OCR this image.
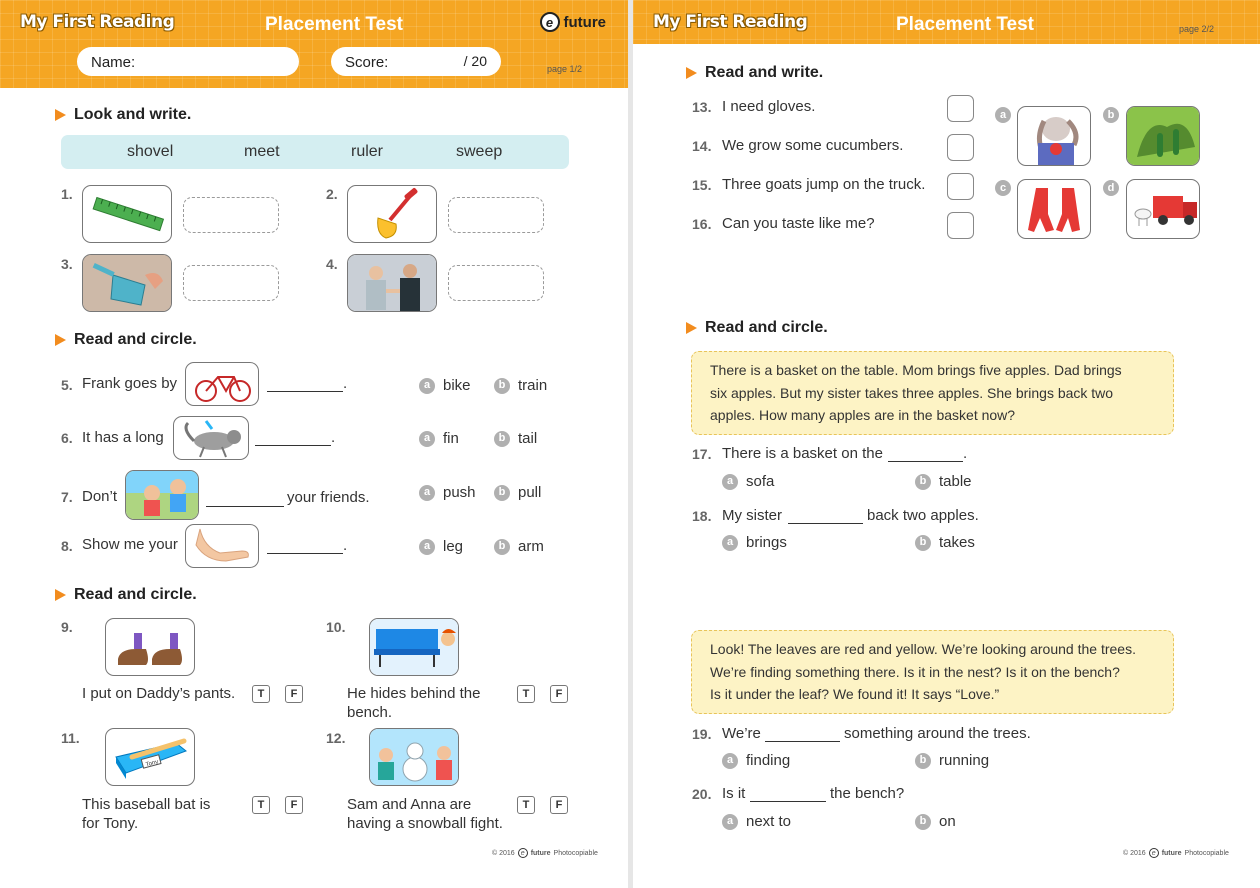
My First Reading	Placement Test	e future
Name:	Score:	/ 20	page 1/2
Look and write.
shovel	meet	ruler	sweep
1.	2.
3.	4.
Read and circle.
5. Frank goes by	.	a bike	b train
6. It has a long	.	a fin	b tail
7. Don’t	your friends.	a push	b pull
8. Show me your	.	a leg	b arm
Read and circle.
9.
I put on Daddy’s pants.	T	F
10.
He hides behind the
bench.
T	F
11.
Tony
This baseball bat is
for Tony.
T	F
12.
Sam and Anna are
having a snowball fight.
T	F
© 2016 e future Photocopiable
My First Reading	Placement Test	page 2/2
Read and write.
13. I need gloves.
14. We grow some cucumbers.
15. Three goats jump on the truck.
16. Can you taste like me?
a	b
c	d
Read and circle.
There is a basket on the table. Mom brings five apples. Dad brings
six apples. But my sister takes three apples. She brings back two
apples. How many apples are in the basket now?
17. There is a basket on the	.
a sofa	b table
18. My sister	back two apples.
a brings	b takes
Look! The leaves are red and yellow. We’re looking around the trees.
We’re finding something there. Is it in the nest? Is it on the bench?
Is it under the leaf? We found it! It says “Love.”
19. We’re	something around the trees.
a finding	b running
20. Is it	the bench?
a next to	b on
© 2016 e future Photocopiable
